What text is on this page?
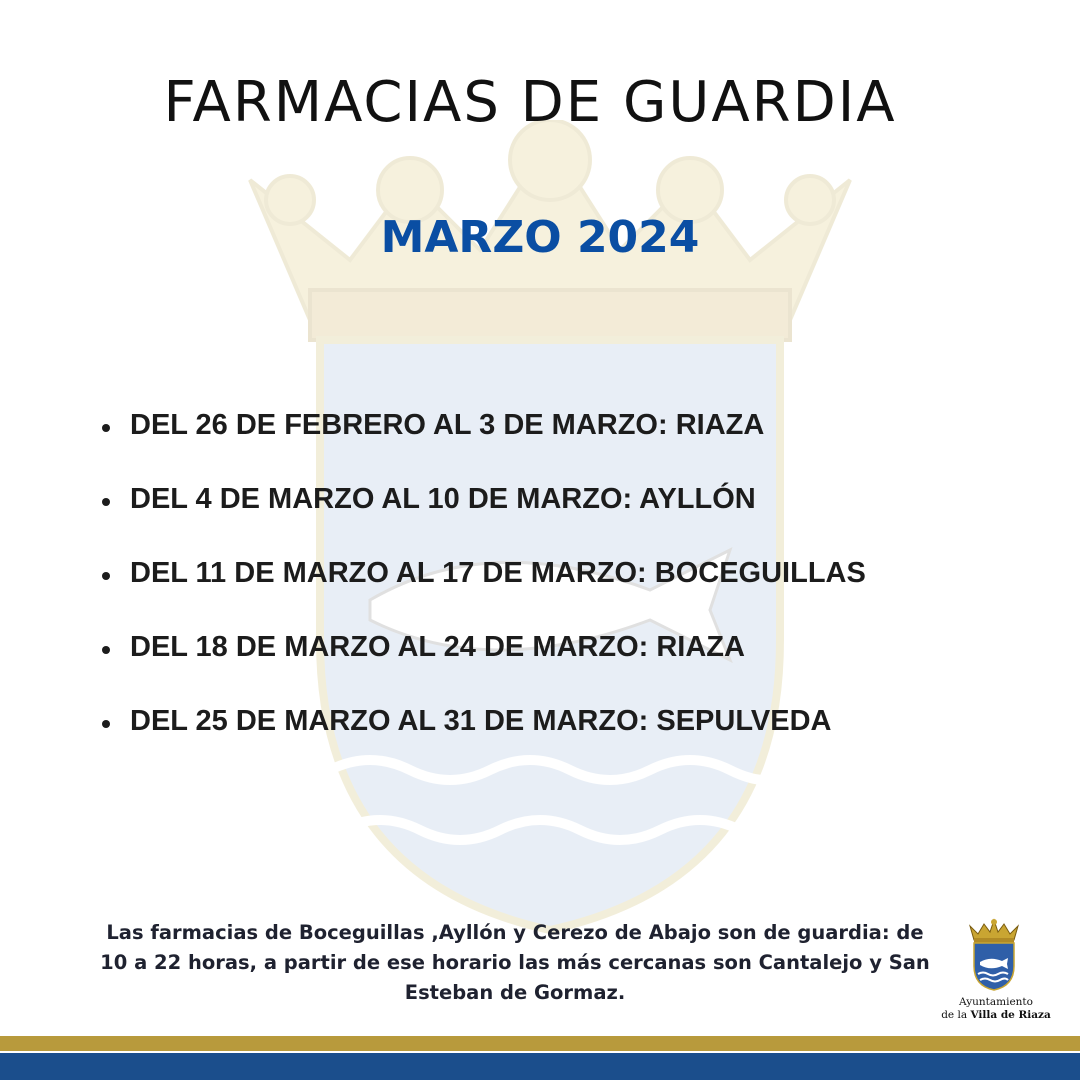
FARMACIAS DE GUARDIA
MARZO 2024
DEL 26 DE FEBRERO AL 3 DE MARZO: RIAZA
DEL 4 DE MARZO AL 10 DE MARZO: AYLLÓN
DEL 11 DE MARZO AL 17 DE MARZO: BOCEGUILLAS
DEL 18 DE MARZO AL 24 DE MARZO: RIAZA
DEL 25 DE MARZO AL 31 DE MARZO: SEPULVEDA

Las farmacias de Boceguillas ,Ayllón y Cerezo de Abajo son de guardia: de
10 a 22 horas, a partir de ese horario las más cercanas son Cantalejo y San
Esteban de Gormaz.	Ayuntamiento
de la Villa de Riaza
